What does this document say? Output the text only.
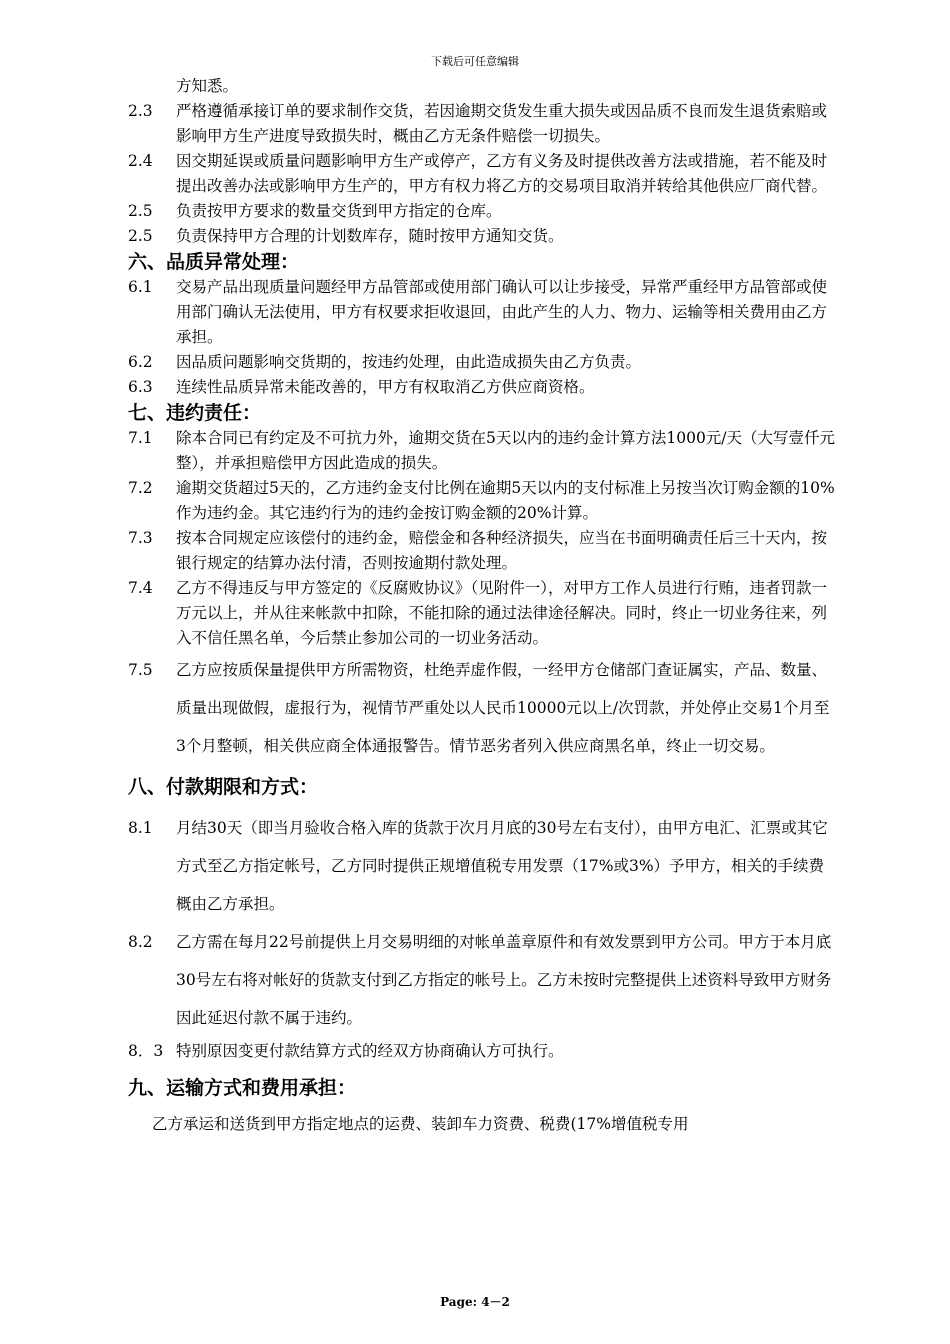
下载后可任意编辑
方知悉。
2.3 严格遵循承接订单的要求制作交货，若因逾期交货发生重大损失或因品质不良而发生退货索赔或影响甲方生产进度导致损失时，概由乙方无条件赔偿一切损失。
2.4 因交期延误或质量问题影响甲方生产或停产，乙方有义务及时提供改善方法或措施，若不能及时提出改善办法或影响甲方生产的，甲方有权力将乙方的交易项目取消并转给其他供应厂商代替。
2.5 负责按甲方要求的数量交货到甲方指定的仓库。
2.5 负责保持甲方合理的计划数库存，随时按甲方通知交货。
六、品质异常处理：
6.1 交易产品出现质量问题经甲方品管部或使用部门确认可以让步接受，异常严重经甲方品管部或使用部门确认无法使用，甲方有权要求拒收退回，由此产生的人力、物力、运输等相关费用由乙方承担。
6.2 因品质问题影响交货期的，按违约处理，由此造成损失由乙方负责。
6.3 连续性品质异常未能改善的，甲方有权取消乙方供应商资格。
七、违约责任：
7.1 除本合同已有约定及不可抗力外，逾期交货在5天以内的违约金计算方法1000元/天（大写壹仟元整），并承担赔偿甲方因此造成的损失。
7.2 逾期交货超过5天的，乙方违约金支付比例在逾期5天以内的支付标准上另按当次订购金额的10%作为违约金。其它违约行为的违约金按订购金额的20%计算。
7.3 按本合同规定应该偿付的违约金，赔偿金和各种经济损失，应当在书面明确责任后三十天内，按银行规定的结算办法付清，否则按逾期付款处理。
7.4 乙方不得违反与甲方签定的《反腐败协议》（见附件一），对甲方工作人员进行行贿，违者罚款一万元以上，并从往来帐款中扣除，不能扣除的通过法律途径解决。同时，终止一切业务往来，列入不信任黑名单，今后禁止参加公司的一切业务活动。
7.5 乙方应按质保量提供甲方所需物资，杜绝弄虚作假，一经甲方仓储部门查证属实，产品、数量、质量出现做假，虚报行为，视情节严重处以人民币10000元以上/次罚款，并处停止交易1个月至3个月整顿，相关供应商全体通报警告。情节恶劣者列入供应商黑名单，终止一切交易。
八、付款期限和方式：
8.1 月结30天（即当月验收合格入库的货款于次月月底的30号左右支付），由甲方电汇、汇票或其它方式至乙方指定帐号，乙方同时提供正规增值税专用发票（17%或3%）予甲方，相关的手续费概由乙方承担。
8.2 乙方需在每月22号前提供上月交易明细的对帐单盖章原件和有效发票到甲方公司。甲方于本月底30号左右将对帐好的货款支付到乙方指定的帐号上。乙方未按时完整提供上述资料导致甲方财务因此延迟付款不属于违约。
8．3 特别原因变更付款结算方式的经双方协商确认方可执行。
九、运输方式和费用承担：
乙方承运和送货到甲方指定地点的运费、装卸车力资费、税费(17%增值税专用
Page: 4－2
